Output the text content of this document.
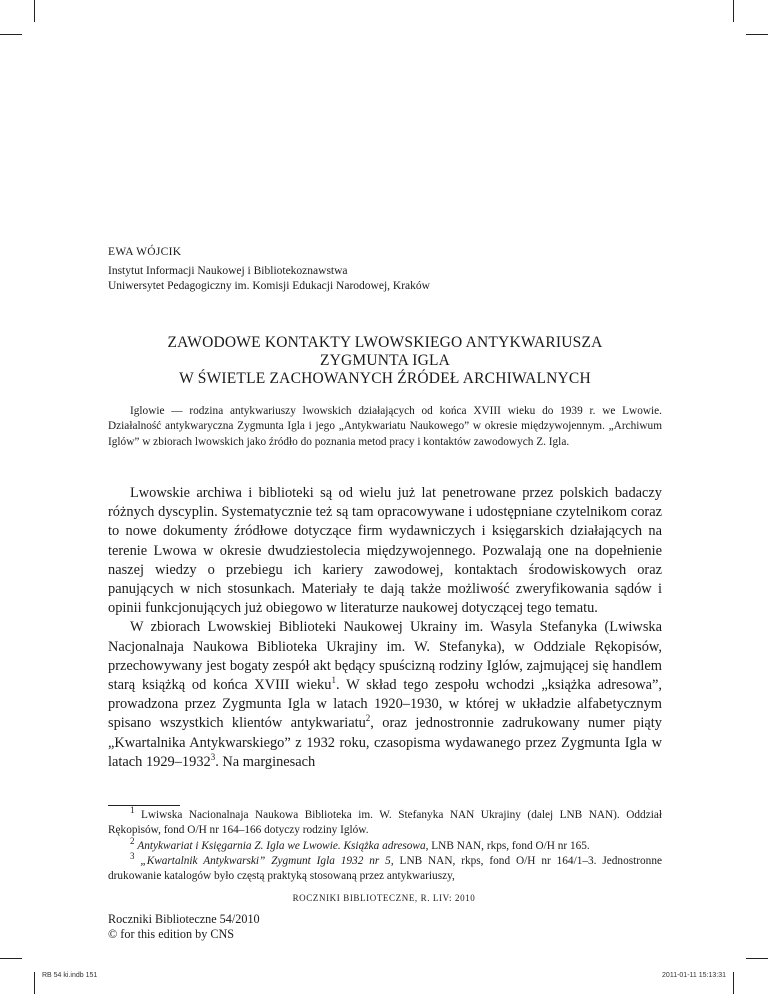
EWA WÓJCIK
Instytut Informacji Naukowej i Bibliotekoznawstwa
Uniwersytet Pedagogiczny im. Komisji Edukacji Narodowej, Kraków
ZAWODOWE KONTAKTY LWOWSKIEGO ANTYKWARIUSZA
ZYGMUNTA IGLA
W ŚWIETLE ZACHOWANYCH ŹRÓDEŁ ARCHIWALNYCH
Iglowie — rodzina antykwariuszy lwowskich działających od końca XVIII wieku do 1939 r. we Lwowie. Działalność antykwaryczna Zygmunta Igla i jego „Antykwariatu Naukowego” w okresie międzywojennym. „Archiwum Iglów” w zbiorach lwowskich jako źródło do poznania metod pracy i kontaktów zawodowych Z. Igla.

Lwowskie archiwa i biblioteki są od wielu już lat penetrowane przez polskich badaczy różnych dyscyplin. Systematycznie też są tam opracowywane i udostępniane czytelnikom coraz to nowe dokumenty źródłowe dotyczące firm wydawniczych i księgarskich działających na terenie Lwowa w okresie dwudziestolecia międzywojennego. Pozwalają one na dopełnienie naszej wiedzy o przebiegu ich kariery zawodowej, kontaktach środowiskowych oraz panujących w nich stosunkach. Materiały te dają także możliwość zweryfikowania sądów i opinii funkcjonujących już obiegowo w literaturze naukowej dotyczącej tego tematu.

W zbiorach Lwowskiej Biblioteki Naukowej Ukrainy im. Wasyla Stefanyka (Lwiwska Nacjonalnaja Naukowa Biblioteka Ukrajiny im. W. Stefanyka), w Oddziale Rękopisów, przechowywany jest bogaty zespół akt będący spuścizną rodziny Iglów, zajmującej się handlem starą książką od końca XVIII wieku$^1$. W skład tego zespołu wchodzi „książka adresowa”, prowadzona przez Zygmunta Igla w latach 1920–1930, w której w układzie alfabetycznym spisano wszystkich klientów antykwariatu$^2$, oraz jednostronnie zadrukowany numer piąty „Kwartalnika Antykwarskiego” z 1932 roku, czasopisma wydawanego przez Zygmunta Igla w latach 1929–1932$^3$. Na marginesach

$^1$ Lwiwska Nacionalnaja Naukowa Biblioteka im. W. Stefanyka NAN Ukrajiny (dalej LNB NAN). Oddział Rękopisów, fond O/H nr 164–166 dotyczy rodziny Iglów.

$^2$ Antykwariat i Księgarnia Z. Igla we Lwowie. Książka adresowa, LNB NAN, rkps, fond O/H nr 165.

$^3$ „Kwartalnik Antykwarski” Zygmunt Igla 1932 nr 5, LNB NAN, rkps, fond O/H nr 164/1–3. Jednostronne drukowanie katalogów było częstą praktyką stosowaną przez antykwariuszy,

ROCZNIKI BIBLIOTECZNE, R. LIV: 2010
Roczniki Biblioteczne 54/2010
© for this edition by CNS
RB 54 ki.indb 151	2011-01-11 15:13:31
